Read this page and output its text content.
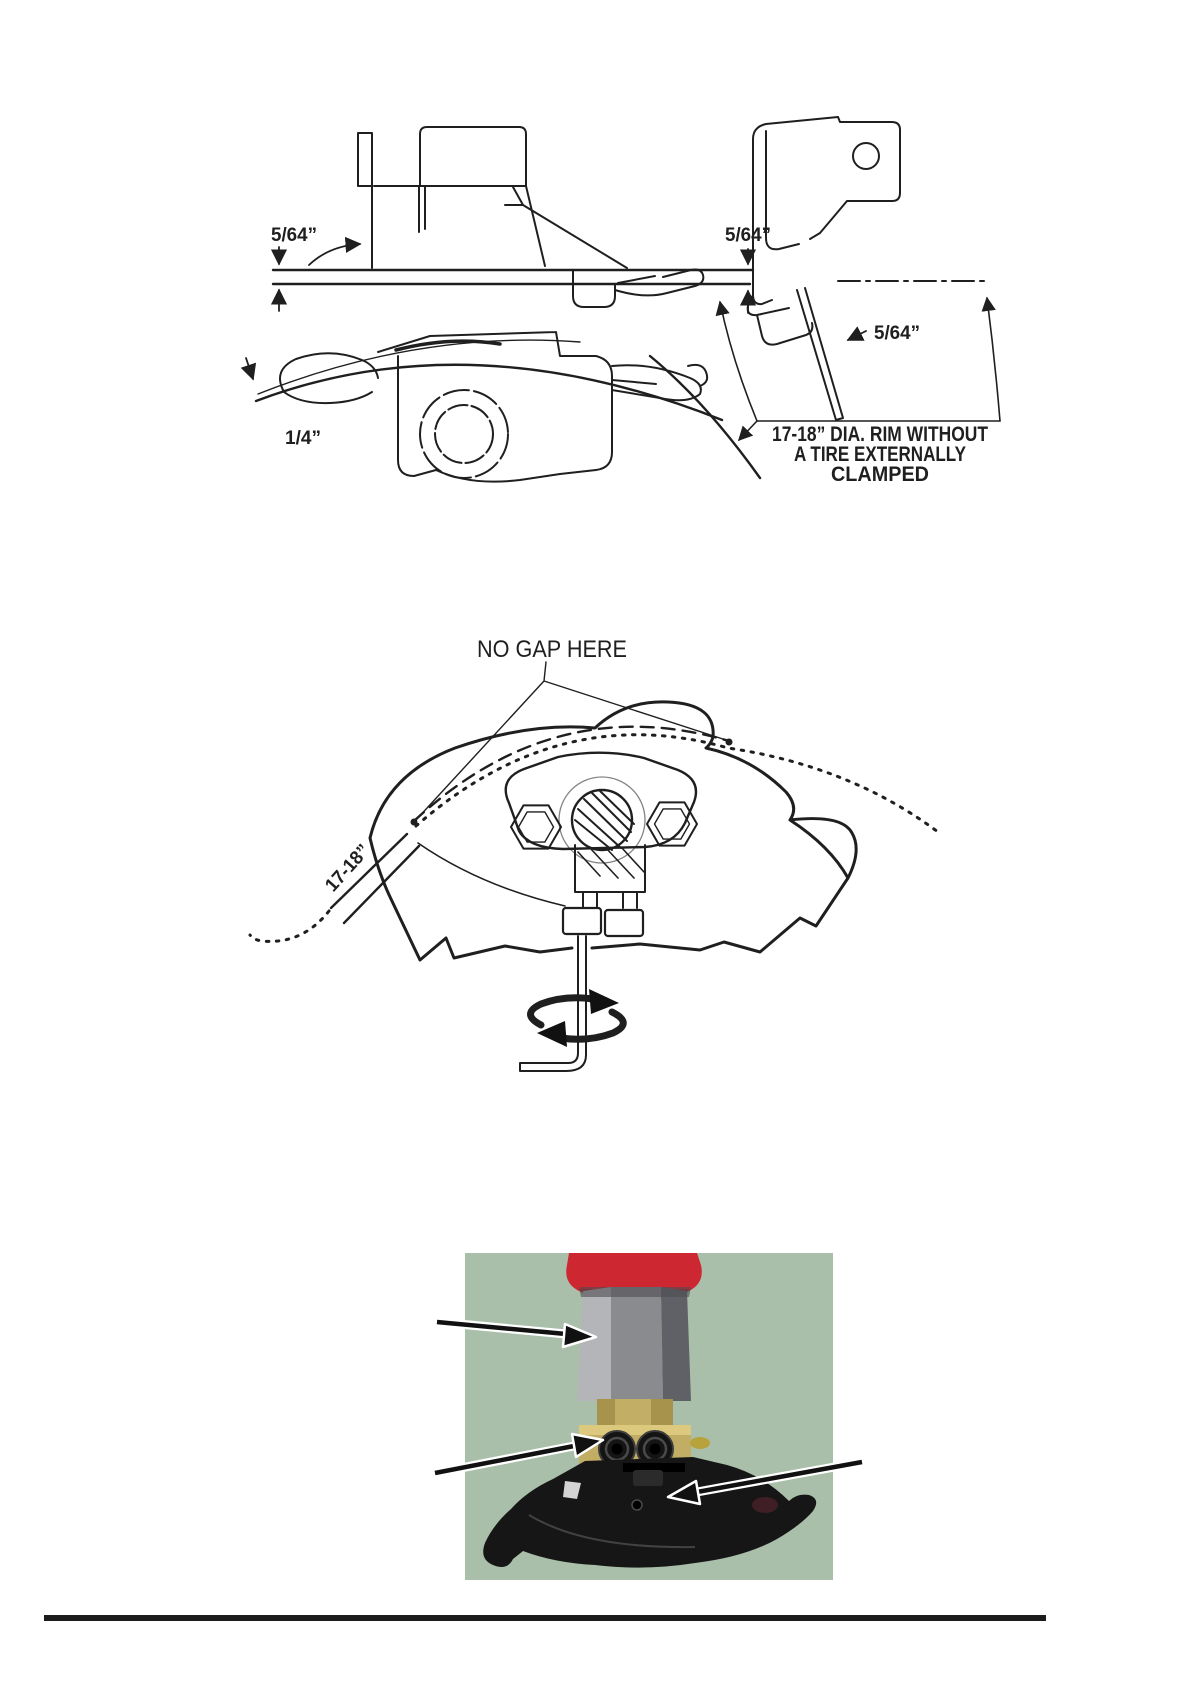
5/64”	5/64”
5/64”
1/4”	17-18” DIA. RIM WITHOUT
A TIRE EXTERNALLY
CLAMPED
NO GAP HERE
17-18”
